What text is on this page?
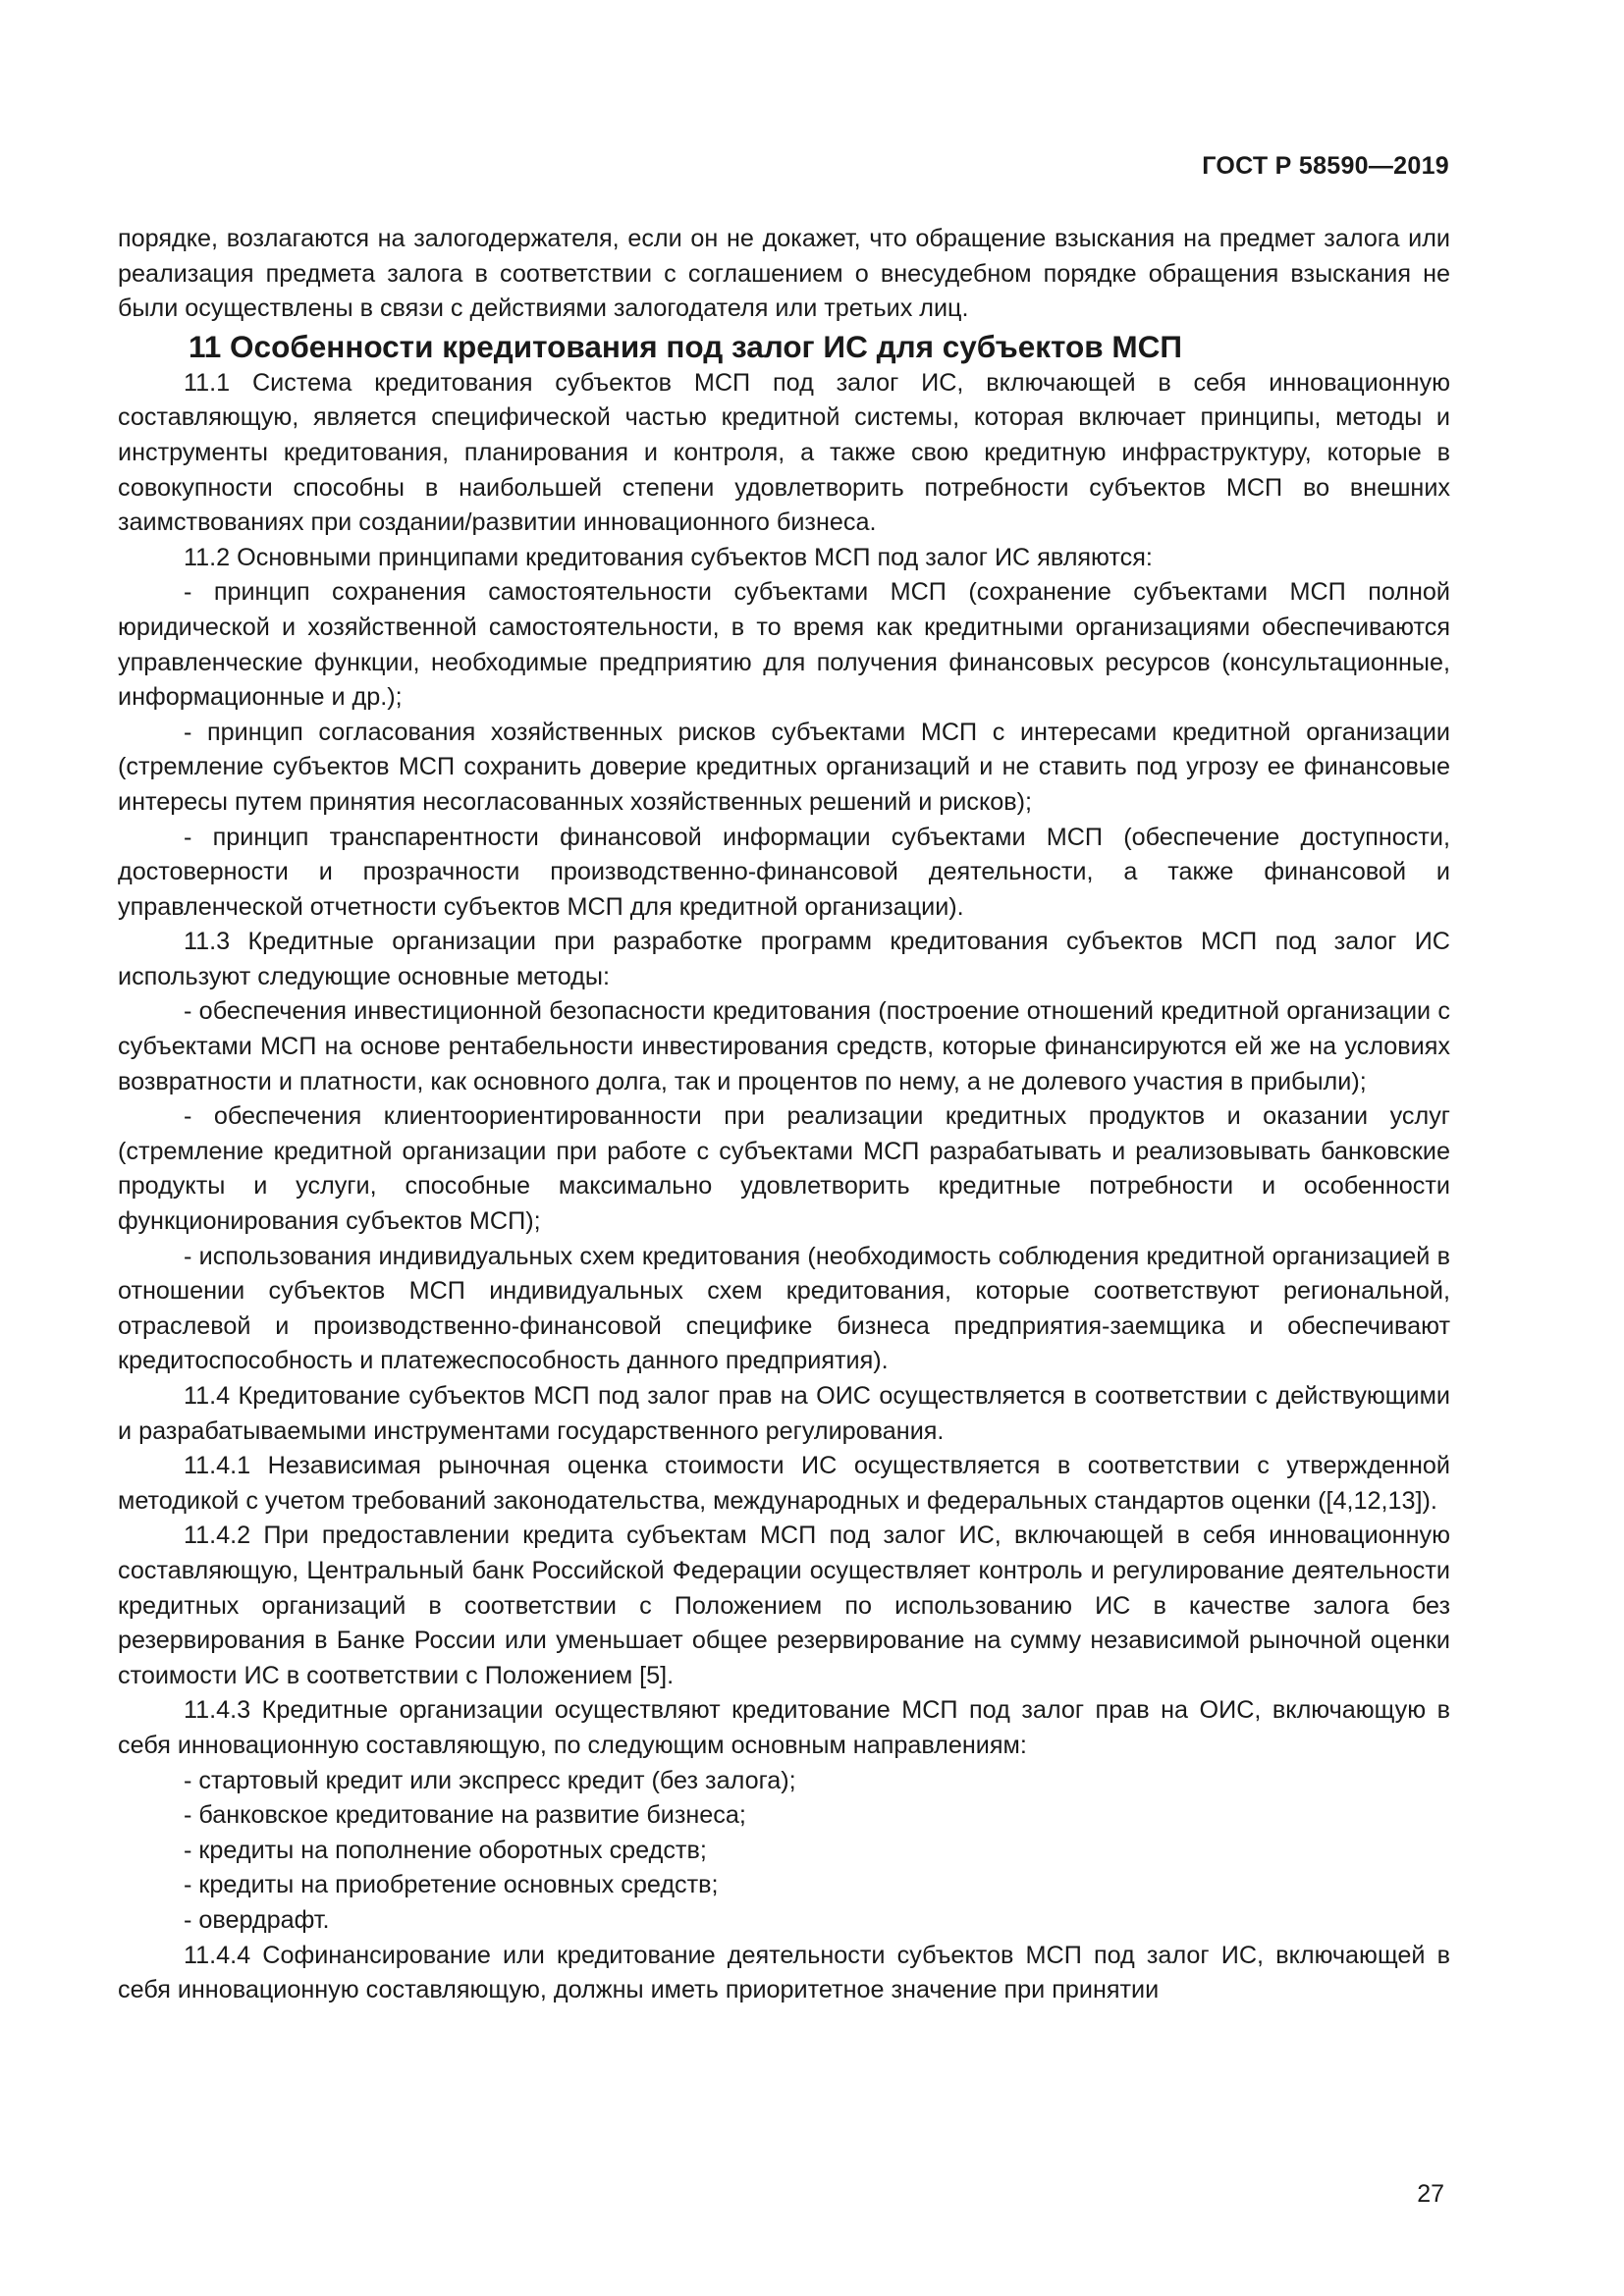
ГОСТ Р 58590—2019

порядке, возлагаются на залогодержателя, если он не докажет, что обращение взыскания на предмет залога или реализация предмета залога в соответствии с соглашением о внесудебном порядке обращения взыскания не были осуществлены в связи с действиями залогодателя или третьих лиц.

11 Особенности кредитования под залог ИС для субъектов МСП

11.1 Система кредитования субъектов МСП под залог ИС, включающей в себя инновационную составляющую, является специфической частью кредитной системы, которая включает принципы, методы и инструменты кредитования, планирования и контроля, а также свою кредитную инфраструктуру, которые в совокупности способны в наибольшей степени удовлетворить потребности субъектов МСП во внешних заимствованиях при создании/развитии инновационного бизнеса.

11.2 Основными принципами кредитования субъектов МСП под залог ИС являются:

- принцип сохранения самостоятельности субъектами МСП (сохранение субъектами МСП полной юридической и хозяйственной самостоятельности, в то время как кредитными организациями обеспечиваются управленческие функции, необходимые предприятию для получения финансовых ресурсов (консультационные, информационные и др.);

- принцип согласования хозяйственных рисков субъектами МСП с интересами кредитной организации (стремление субъектов МСП сохранить доверие кредитных организаций и не ставить под угрозу ее финансовые интересы путем принятия несогласованных хозяйственных решений и рисков);

- принцип транспарентности финансовой информации субъектами МСП (обеспечение доступности, достоверности и прозрачности производственно-финансовой деятельности, а также финансовой и управленческой отчетности субъектов МСП для кредитной организации).

11.3 Кредитные организации при разработке программ кредитования субъектов МСП под залог ИС используют следующие основные методы:

- обеспечения инвестиционной безопасности кредитования (построение отношений кредитной организации с субъектами МСП на основе рентабельности инвестирования средств, которые финансируются ей же на условиях возвратности и платности, как основного долга, так и процентов по нему, а не долевого участия в прибыли);

- обеспечения клиентоориентированности при реализации кредитных продуктов и оказании услуг (стремление кредитной организации при работе с субъектами МСП разрабатывать и реализовывать банковские продукты и услуги, способные максимально удовлетворить кредитные потребности и особенности функционирования субъектов МСП);

- использования индивидуальных схем кредитования (необходимость соблюдения кредитной организацией в отношении субъектов МСП индивидуальных схем кредитования, которые соответствуют региональной, отраслевой и производственно-финансовой специфике бизнеса предприятия-заемщика и обеспечивают кредитоспособность и платежеспособность данного предприятия).

11.4 Кредитование субъектов МСП под залог прав на ОИС осуществляется в соответствии с действующими и разрабатываемыми инструментами государственного регулирования.

11.4.1 Независимая рыночная оценка стоимости ИС осуществляется в соответствии с утвержденной методикой с учетом требований законодательства, международных и федеральных стандартов оценки ([4,12,13]).

11.4.2 При предоставлении кредита субъектам МСП под залог ИС, включающей в себя инновационную составляющую, Центральный банк Российской Федерации осуществляет контроль и регулирование деятельности кредитных организаций в соответствии с Положением по использованию ИС в качестве залога без резервирования в Банке России или уменьшает общее резервирование на сумму независимой рыночной оценки стоимости ИС в соответствии с Положением [5].

11.4.3 Кредитные организации осуществляют кредитование МСП под залог прав на ОИС, включающую в себя инновационную составляющую, по следующим основным направлениям:

- стартовый кредит или экспресс кредит (без залога);

- банковское кредитование на развитие бизнеса;

- кредиты на пополнение оборотных средств;

- кредиты на приобретение основных средств;

- овердрафт.

11.4.4 Софинансирование или кредитование деятельности субъектов МСП под залог ИС, включающей в себя инновационную составляющую, должны иметь приоритетное значение при принятии

27
